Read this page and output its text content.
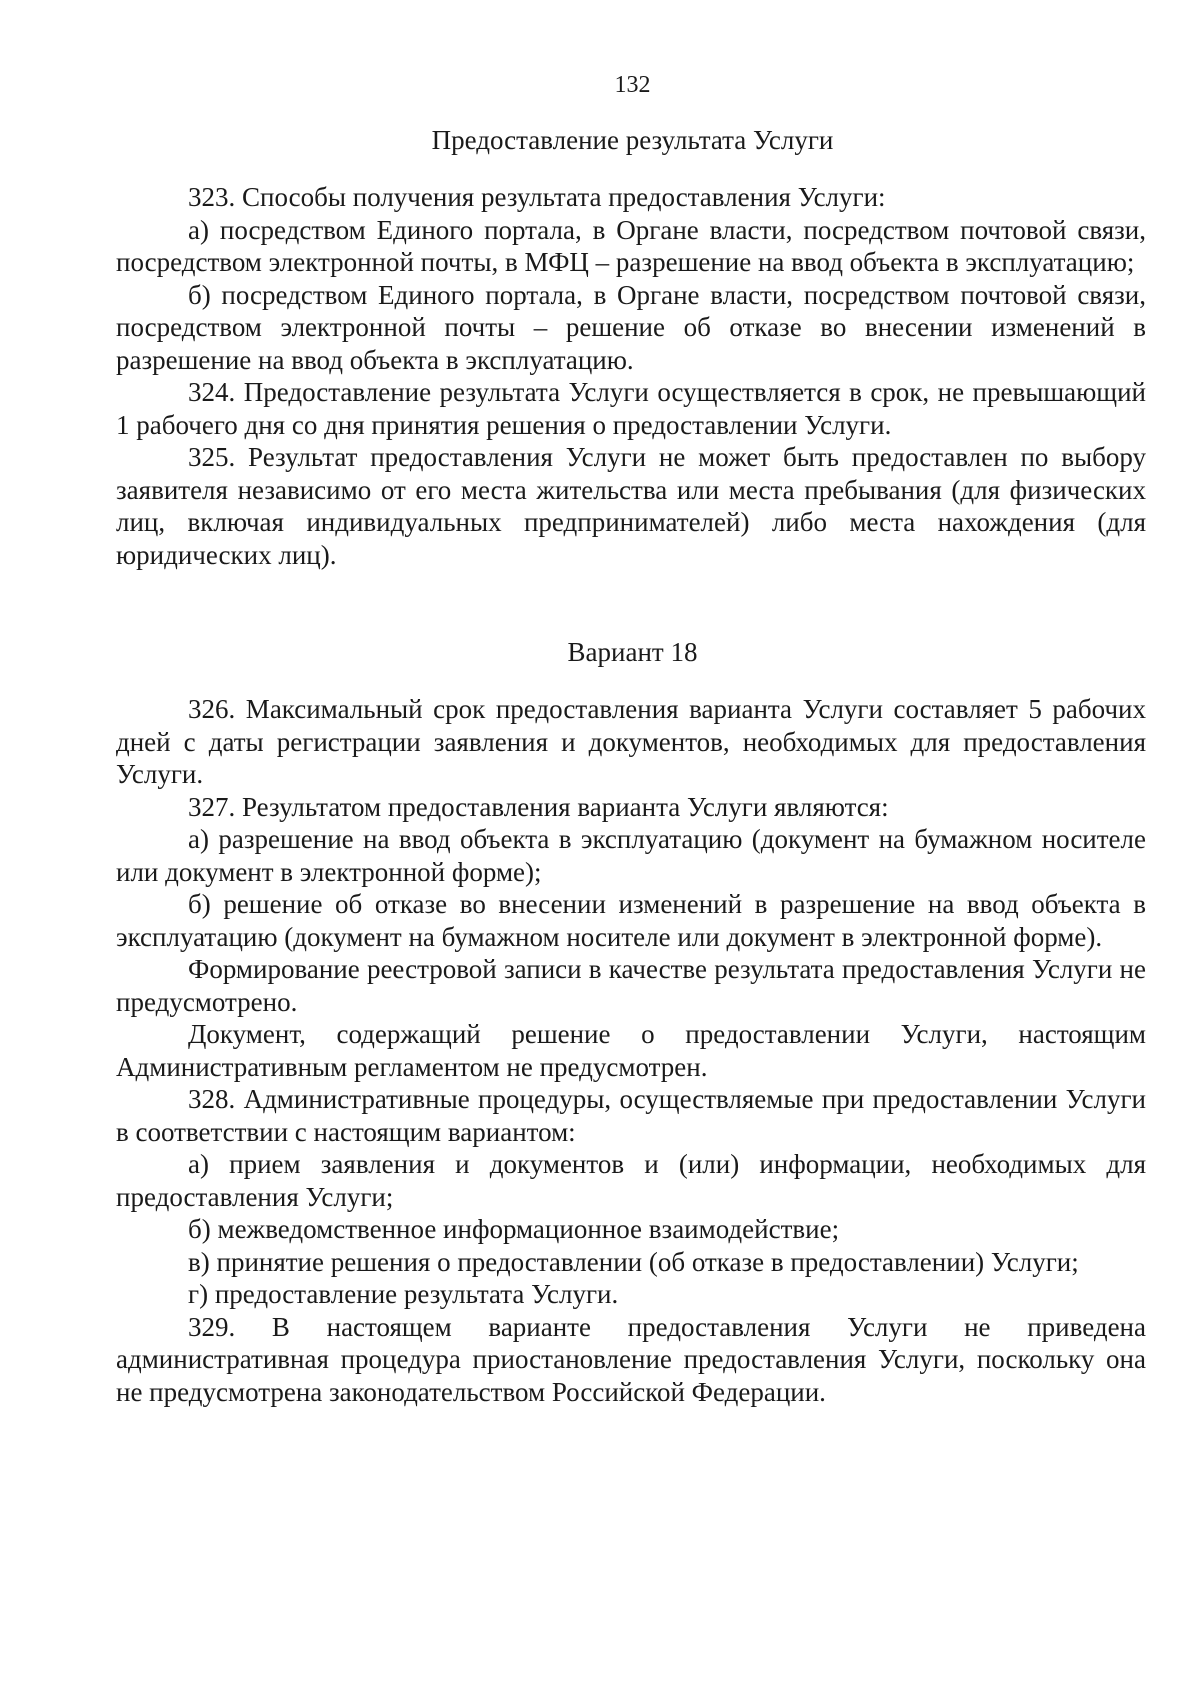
132
Предоставление результата Услуги

323. Способы получения результата предоставления Услуги:

а) посредством Единого портала, в Органе власти, посредством почтовой связи, посредством электронной почты, в МФЦ – разрешение на ввод объекта в эксплуатацию;

б) посредством Единого портала, в Органе власти, посредством почтовой связи, посредством электронной почты – решение об отказе во внесении изменений в разрешение на ввод объекта в эксплуатацию.

324. Предоставление результата Услуги осуществляется в срок, не превышающий 1 рабочего дня со дня принятия решения о предоставлении Услуги.

325. Результат предоставления Услуги не может быть предоставлен по выбору заявителя независимо от его места жительства или места пребывания (для физических лиц, включая индивидуальных предпринимателей) либо места нахождения (для юридических лиц).

Вариант 18

326. Максимальный срок предоставления варианта Услуги составляет 5 рабочих дней с даты регистрации заявления и документов, необходимых для предоставления Услуги.

327. Результатом предоставления варианта Услуги являются:

а) разрешение на ввод объекта в эксплуатацию (документ на бумажном носителе или документ в электронной форме);

б) решение об отказе во внесении изменений в разрешение на ввод объекта в эксплуатацию (документ на бумажном носителе или документ в электронной форме).

Формирование реестровой записи в качестве результата предоставления Услуги не предусмотрено.

Документ, содержащий решение о предоставлении Услуги, настоящим Административным регламентом не предусмотрен.

328. Административные процедуры, осуществляемые при предоставлении Услуги в соответствии с настоящим вариантом:

а) прием заявления и документов и (или) информации, необходимых для предоставления Услуги;

б) межведомственное информационное взаимодействие;

в) принятие решения о предоставлении (об отказе в предоставлении) Услуги;

г) предоставление результата Услуги.

329. В настоящем варианте предоставления Услуги не приведена административная процедура приостановление предоставления Услуги, поскольку она не предусмотрена законодательством Российской Федерации.
